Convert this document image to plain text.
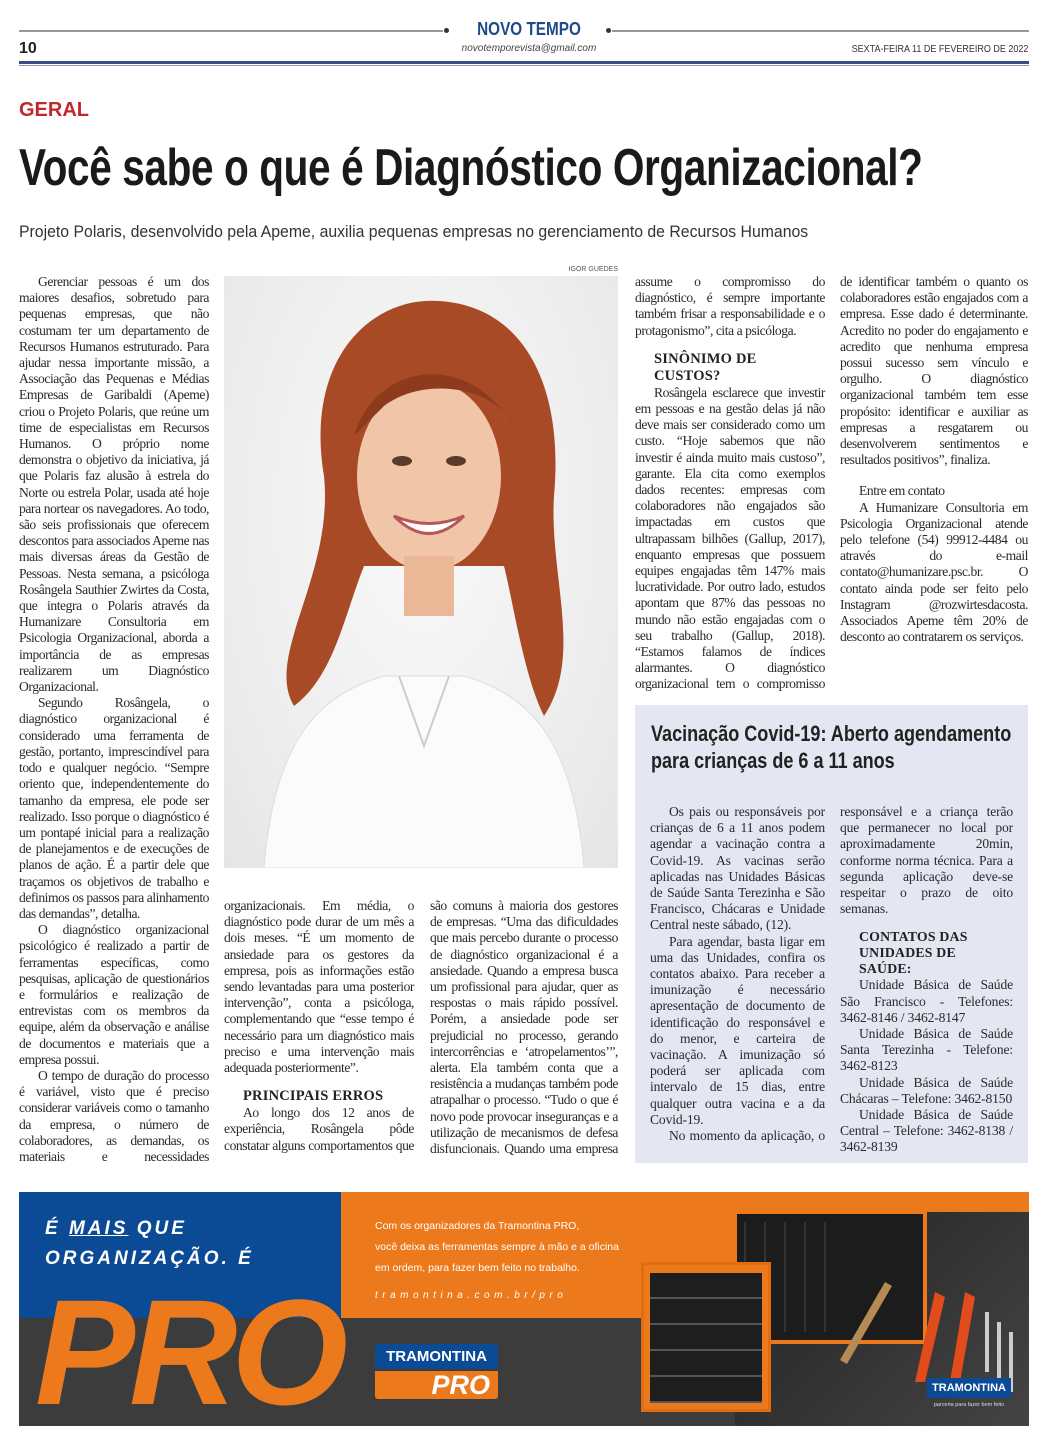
NOVO TEMPO
novotemporevista@gmail.com
10	SEXTA-FEIRA 11 DE FEVEREIRO DE 2022
GERAL
Você sabe o que é Diagnóstico Organizacional?
Projeto Polaris, desenvolvido pela Apeme, auxilia pequenas empresas no gerenciamento de Recursos Humanos

Gerenciar pessoas é um dos maiores desafios, sobretudo para pequenas empresas, que não costumam ter um departamento de Recursos Humanos estruturado. Para ajudar nessa importante missão, a Associação das Pequenas e Médias Empresas de Garibaldi (Apeme) criou o Projeto Polaris, que reúne um time de especialistas em Recursos Humanos. O próprio nome demonstra o objetivo da iniciativa, já que Polaris faz alusão à estrela do Norte ou estrela Polar, usada até hoje para nortear os navegadores. Ao todo, são seis profissionais que oferecem descontos para associados Apeme nas mais diversas áreas da Gestão de Pessoas. Nesta semana, a psicóloga Rosângela Sauthier Zwirtes da Costa, que integra o Polaris através da Humanizare Consultoria em Psicologia Organizacional, aborda a importância de as empresas realizarem um Diagnóstico Organizacional.

Segundo Rosângela, o diagnóstico organizacional é considerado uma ferramenta de gestão, portanto, imprescindível para todo e qualquer negócio. “Sempre oriento que, independentemente do tamanho da empresa, ele pode ser realizado. Isso porque o diagnóstico é um pontapé inicial para a realização de planejamentos e de execuções de planos de ação. É a partir dele que traçamos os objetivos de trabalho e definimos os passos para alinhamento das demandas”, detalha.

O diagnóstico organizacional psicológico é realizado a partir de ferramentas específicas, como pesquisas, aplicação de questionários e formulários e realização de entrevistas com os membros da equipe, além da observação e análise de documentos e materiais que a empresa possui.

O tempo de duração do processo é variável, visto que é preciso considerar variáveis como o tamanho da empresa, o número de colaboradores, as demandas, os materiais e necessidades

organizacionais. Em média, o diagnóstico pode durar de um mês a dois meses. “É um momento de ansiedade para os gestores da empresa, pois as informações estão sendo levantadas para uma posterior intervenção”, conta a psicóloga, complementando que “esse tempo é necessário para um diagnóstico mais preciso e uma intervenção mais adequada posteriormente”.

PRINCIPAIS ERROS

Ao longo dos 12 anos de experiência, Rosângela pôde constatar alguns comportamentos que

são comuns à maioria dos gestores de empresas. “Uma das dificuldades que mais percebo durante o processo de diagnóstico organizacional é a ansiedade. Quando a empresa busca um profissional para ajudar, quer as respostas o mais rápido possível. Porém, a ansiedade pode ser prejudicial no processo, gerando intercorrências e ‘atropelamentos’”, alerta. Ela também conta que a resistência a mudanças também pode atrapalhar o processo. “Tudo o que é novo pode provocar inseguranças e a utilização de mecanismos de defesa disfuncionais. Quando uma empresa

assume o compromisso do diagnóstico, é sempre importante também frisar a responsabilidade e o protagonismo”, cita a psicóloga.

SINÔNIMO DE CUSTOS?

Rosângela esclarece que investir em pessoas e na gestão delas já não deve mais ser considerado como um custo. “Hoje sabemos que não investir é ainda muito mais custoso”, garante. Ela cita como exemplos dados recentes: empresas com colaboradores não engajados são impactadas em custos que ultrapassam bilhões (Gallup, 2017), enquanto empresas que possuem equipes engajadas têm 147% mais lucratividade. Por outro lado, estudos apontam que 87% das pessoas no mundo não estão engajadas com o seu trabalho (Gallup, 2018). “Estamos falamos de índices alarmantes. O diagnóstico organizacional tem o compromisso

de identificar também o quanto os colaboradores estão engajados com a empresa. Esse dado é determinante. Acredito no poder do engajamento e acredito que nenhuma empresa possui sucesso sem vínculo e orgulho. O diagnóstico organizacional também tem esse propósito: identificar e auxiliar as empresas a resgatarem ou desenvolverem sentimentos e resultados positivos”, finaliza.

Entre em contato

A Humanizare Consultoria em Psicologia Organizacional atende pelo telefone (54) 99912-4484 ou através do e-mail contato@humanizare.psc.br. O contato ainda pode ser feito pelo Instagram @rozwirtesdacosta. Associados Apeme têm 20% de desconto ao contratarem os serviços.

IGOR GUEDES
Vacinação Covid-19: Aberto agendamento para crianças de 6 a 11 anos

Os pais ou responsáveis por crianças de 6 a 11 anos podem agendar a vacinação contra a Covid-19. As vacinas serão aplicadas nas Unidades Básicas de Saúde Santa Terezinha e São Francisco, Chácaras e Unidade Central neste sábado, (12).

Para agendar, basta ligar em uma das Unidades, confira os contatos abaixo. Para receber a imunização é necessário apresentação de documento de identificação do responsável e do menor, e carteira de vacinação. A imunização só poderá ser aplicada com intervalo de 15 dias, entre qualquer outra vacina e a da Covid-19.

No momento da aplicação, o

responsável e a criança terão que permanecer no local por aproximadamente 20min, conforme norma técnica. Para a segunda aplicação deve-se respeitar o prazo de oito semanas.

CONTATOS DAS UNIDADES DE SAÚDE:

Unidade Básica de Saúde São Francisco - Telefones: 3462-8146 / 3462-8147

Unidade Básica de Saúde Santa Terezinha - Telefone: 3462-8123

Unidade Básica de Saúde Chácaras – Telefone: 3462-8150

Unidade Básica de Saúde Central – Telefone: 3462-8138 / 3462-8139

É MAIS QUE
ORGANIZAÇÃO. É
PRO
Com os organizadores da Tramontina PRO,
você deixa as ferramentas sempre à mão e a oficina
em ordem, para fazer bem feito no trabalho.
tramontina.com.br/pro
TRAMONTINA
PRO	TRAMONTINA
parceria para fazer bem feito
